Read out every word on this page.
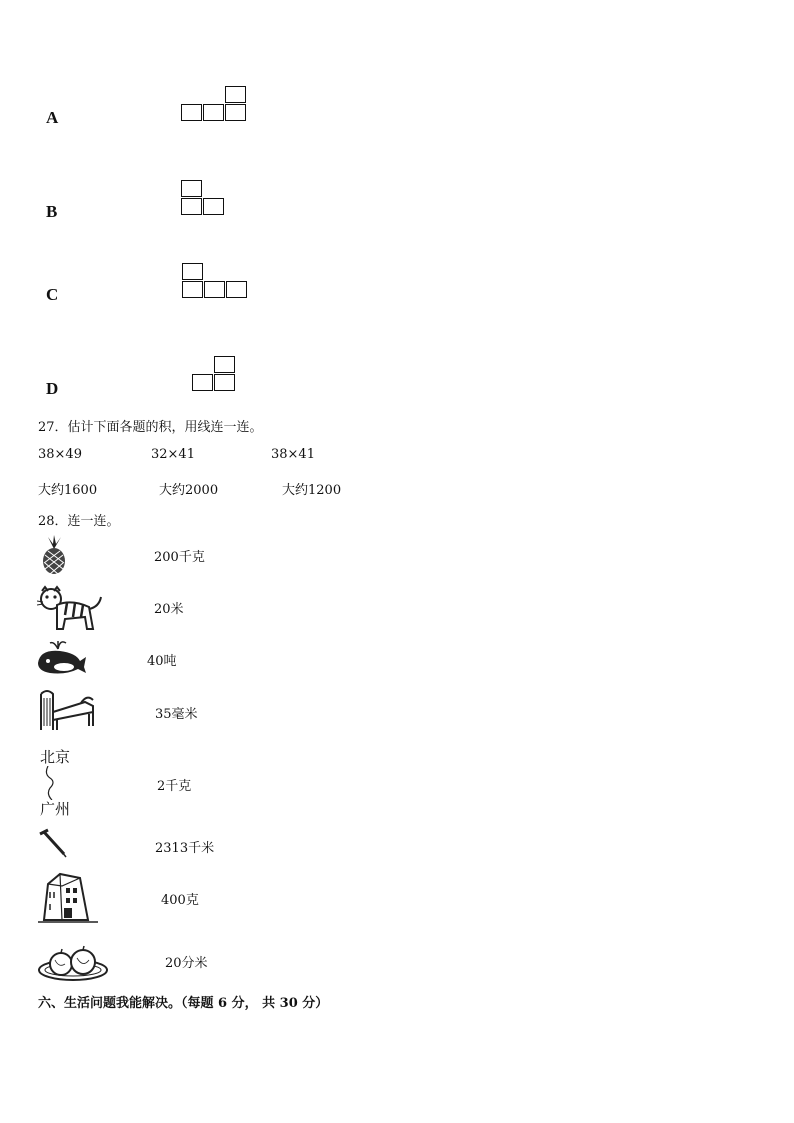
A
B
C
D
27．估计下面各题的积，用线连一连。
38×49	32×41	38×41
大约1600	大约2000	大约1200
28．连一连。
200千克
20米
40吨
35毫米
北京
广州
2千克
2313千米
400克
20分米
六、生活问题我能解决。（每题 6 分， 共 30 分）
